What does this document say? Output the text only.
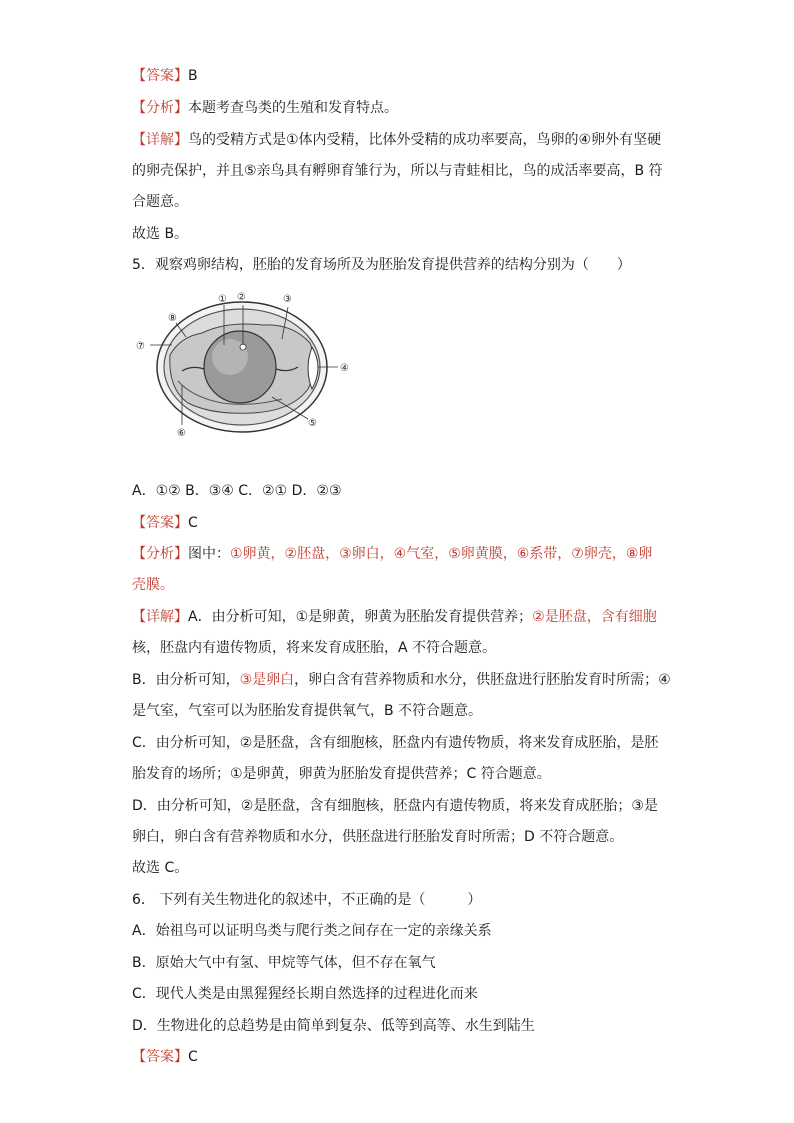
【答案】B
【分析】本题考查鸟类的生殖和发育特点。
【详解】鸟的受精方式是①体内受精，比体外受精的成功率要高，鸟卵的④卵外有坚硬
的卵壳保护，并且⑤亲鸟具有孵卵育雏行为，所以与青蛙相比，鸟的成活率要高，B 符
合题意。
故选 B。
5．观察鸡卵结构，胚胎的发育场所及为胚胎发育提供营养的结构分别为（　　）
① ②	③
④
⑤
⑥
⑦
⑧
A．①② B．③④ C．②① D．②③
【答案】C
【分析】图中：①卵黄，②胚盘，③卵白，④气室，⑤卵黄膜，⑥系带，⑦卵壳，⑧卵
壳膜。
【详解】A．由分析可知，①是卵黄，卵黄为胚胎发育提供营养；②是胚盘，含有细胞
核，胚盘内有遗传物质，将来发育成胚胎，A 不符合题意。
B．由分析可知，③是卵白，卵白含有营养物质和水分，供胚盘进行胚胎发育时所需；④
是气室，气室可以为胚胎发育提供氧气，B 不符合题意。
C．由分析可知，②是胚盘，含有细胞核，胚盘内有遗传物质，将来发育成胚胎，是胚
胎发育的场所；①是卵黄，卵黄为胚胎发育提供营养；C 符合题意。
D．由分析可知，②是胚盘，含有细胞核，胚盘内有遗传物质，将来发育成胚胎；③是
卵白，卵白含有营养物质和水分，供胚盘进行胚胎发育时所需；D 不符合题意。
故选 C。
6． 下列有关生物进化的叙述中，不正确的是（　　　）
A．始祖鸟可以证明鸟类与爬行类之间存在一定的亲缘关系
B．原始大气中有氢、甲烷等气体，但不存在氧气
C．现代人类是由黑猩猩经长期自然选择的过程进化而来
D．生物进化的总趋势是由简单到复杂、低等到高等、水生到陆生
【答案】C
